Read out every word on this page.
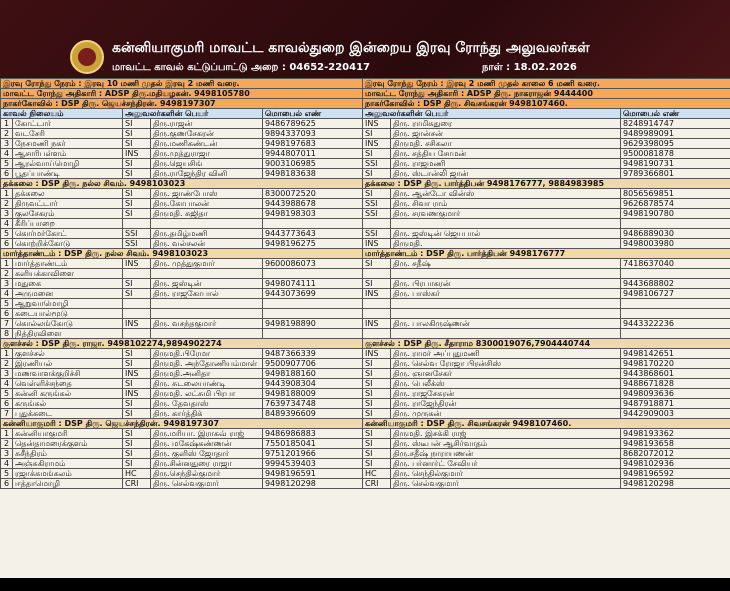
கன்னியாகுமரி மாவட்ட காவல்துறை இன்றைய இரவு ரோந்து அலுவலர்கள்
மாவட்ட காவல் கட்டுப்பாட்டு அறை : 04652-220417	நாள் : 18.02.2026
இரவு ரோந்து நேரம் : இரவு 10 மணி முதல் இரவு 2 மணி வரை.					இரவு ரோந்து நேரம் : இரவு 2 மணி முதல் காலை 6 மணி வரை.		
மாவட்ட ரோந்து அதிகாரி : ADSP திரு.மதியழகன். 9498105780					மாவட்ட ரோந்து அதிகாரி : ADSP திரு. நாகராஜன் 9444400		
நாகர்கோவில் : DSP திரு. ஜெயச்சந்திரன். 9498197307					நாகர்கோவில் : DSP திரு. சிவசங்கரன் 9498107460.		
காவல் நிலையம்		அலுவலர்களின் பெயர்		மொபைல் எண்	அலுவலர்களின் பெயர்		மொபைல் எண்
1	கோட்டார்	SI	திரு.ராஜன்	9486789625	INS	திரு. ராமிசுதுரை	8248914747
2	வடசேரி	SI	திரு.குணசேகரன்	9894337093	SI	திரு. ஜான்சன்	9489989091
3	நேசமணி நகர்	SI	திரு.மணிகண்டன்	9498197683	INS	திருமதி. சசிகலா	9629398095
4	ஆசாரிபள்ளம்	INS	திரு.முத்துராஜா	9944807011	SI	திரு. சத்திய சோமன்	9500081878
5	ஆரல்வாய்மொழி	SI	திரு.ஜெயசிங்	9003106985	SSI	திரு. ராஜமணி	9498190731
6	பூதப்பாண்டி	SI	திரு.ராஜேந்திர வினி	9498183638	SI	திரு. ஸ்டான்லி ஜான்	9789366801
தக்கலை : DSP திரு. நல்ல சிவம். 9498103023					தக்கலை : DSP திரு. பார்த்திபன் 9498176777, 9884983985		
1	தக்கலை	SI	திரு. ஜாண்போஸ்	8300072520	SI	திரு. ஆன்டோ வின்ஸ்	8056569851
2	திருவட்டார்	SI	திரு.கோபாலன்	9443988678	SSI	திரு. சிவா ராம்	9626878574
3	குலசேகரம்	SI	திருமதி. சுஜிதா	9498198303	SSI	திரு. சரவணகுமார்	9498190780
4	கீரிப்பாறை						
5	கொர்மர்கோட்	SSI	திரு.தமிழ்மணி	9443773643	SSI	திரு. ஜஸ்டின் ஜெயபால்	9486889030
6	கொற்றிக்கோடு	SSI	திரு. வல்சலன்	9498196275	INS	திருமதி.	9498003980
மார்த்தாண்டம் : DSP திரு. நல்ல சிவம். 9498103023					மார்த்தாண்டம் : DSP திரு. பார்த்திபன் 9498176777		
1	மார்த்தாண்டம்	INS	திரு. முத்துகுமார்	9600086073	SI	திரு. சதீஷ்	7418637040
2	களியக்காவிளை						
3	மதுகை	SI	திரு. ஜஸ்டின்	9498074111	SI	திரு. பிரபாகரன்	9443688802
4	அருமனை	SI	திரு. ராஜகோபால்	9443073699	INS	திரு. பாஸ்கர்	9498106727
5	ஆறுவாமொழி						
6	கடையால்மூடு						
7	கொல்லங்கோடு	INS	திரு. வசந்தகுமார்	9498198890	INS	திரு. பாலகிருஷ்ணன்	9443322236
8	நித்திரவிளை						
குளச்சல் : DSP திரு. ராஜா. 9498102274,9894902274					குளச்சல் : DSP திரு. சீதாராம 8300019076,7904440744		
1	குளச்சல்	SI	திருமதி.பிரேமா	9487366339	INS	திரு. ராமர் அப்புதுமணி	9498142651
2	இரணியல்	SI	திருமதி. அந்தோணியம்மாள்	9500907706	SI	திரு. செல்வ ரோஜா பிரன்சிஸ்	9498170220
3	மணவாளக்குறிச்சி	INS	திருமதி.அனிதா	9498188160	SI	திரு. ஞானசேகர்	9443868601
4	வெள்ளிச்சந்தை	SI	திரு. சுடலையாண்டி	9443908304	SI	திரு. பெலீக்ஸ்	9488671828
5	கன்னி கருங்கல்	INS	திருமதி. லட்சுமி பிரபா	9498188009	SI	திரு. ராஜசேகரன்	9498093636
6	கருங்கல்	SI	திரு. தேவதாஸ்	7639734748	SI	திரு. ராஜேந்திரன்	9487918871
7	புதுக்கடை	SI	திரு. கார்த்திக்	8489396609	SI	திரு. முருகன்	9442909003
கன்னியாகுமரி : DSP திரு. ஜெயச்சந்திரன். 9498197307					கன்னியாகுமரி : DSP திரு. சிவசங்கரன் 9498107460.		
1	கன்னியாகுமரி	SI	திரு.மரியா. இராகவ் ராஜ்	9486986883	SI	திருமதி. இசக்கி ராஜ்	9498193362
2	தென்தாமரைக்குளம்	SI	திரு. மகேஷ்கண்ணன்	7550185041	SI	திரு. ஸ்டீபன் ஆசிர்வாதம்	9498193658
3	சுசீந்திரம்	SI	திரு. குளிஸ் ஜோதார்	9751201966	SI	திரு.சதீஷ் நாராயணன்	8682072012
4	அஞ்சுகிராமம்	SI	திரு.சின்னதுரை ராஜா	9994539403	SI	திரு. பர்னார்ட் சேவியர்	9498102936
5	ரஜாக்கமங்கலம்	HC	திரு.செந்தில்குமார்	9498196591	HC	திரு. செந்தில்குமார்	9498196592
6	ஈத்தாமொழி	CRI	திரு. செல்வகுமார்	9498120298	CRI	திரு. செல்வகுமார்	9498120298
